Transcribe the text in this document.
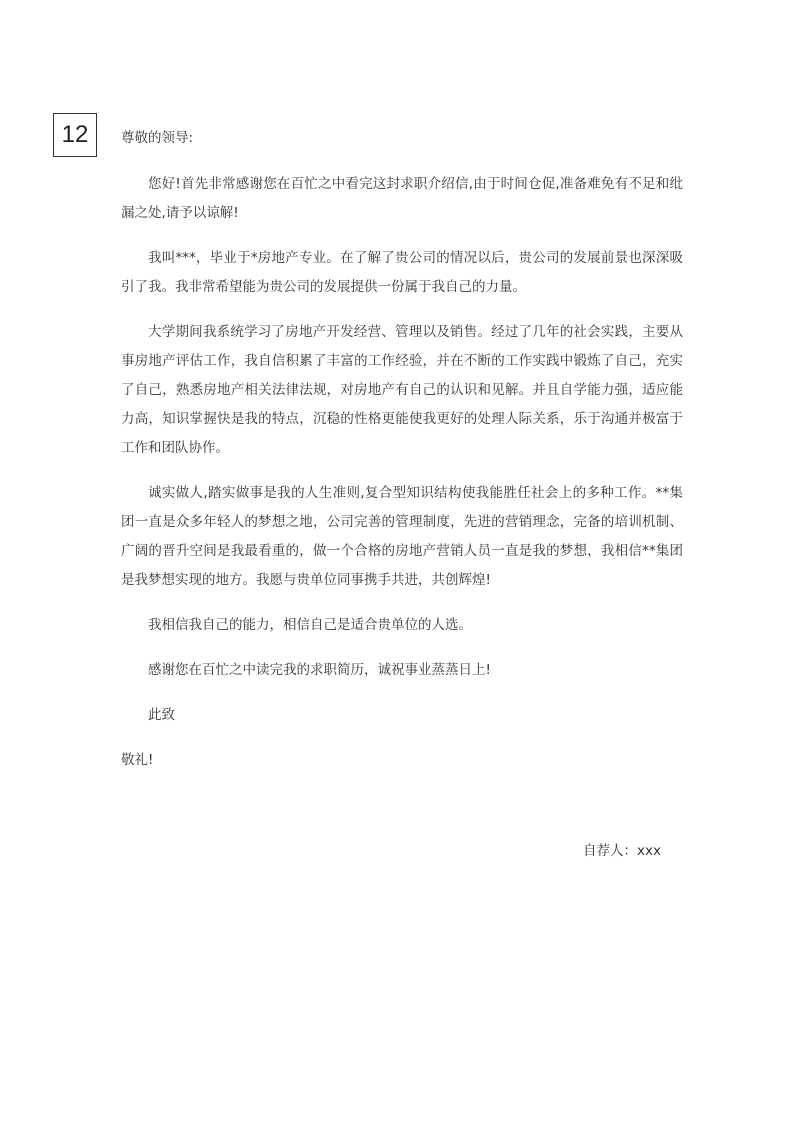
12	尊敬的领导:

您好!首先非常感谢您在百忙之中看完这封求职介绍信,由于时间仓促,准备难免有不足和纰漏之处,请予以谅解!

我叫***，毕业于*房地产专业。在了解了贵公司的情况以后，贵公司的发展前景也深深吸引了我。我非常希望能为贵公司的发展提供一份属于我自己的力量。

大学期间我系统学习了房地产开发经营、管理以及销售。经过了几年的社会实践，主要从事房地产评估工作，我自信积累了丰富的工作经验，并在不断的工作实践中锻炼了自己，充实了自己，熟悉房地产相关法律法规，对房地产有自己的认识和见解。并且自学能力强，适应能力高，知识掌握快是我的特点，沉稳的性格更能使我更好的处理人际关系，乐于沟通并极富于工作和团队协作。

诚实做人,踏实做事是我的人生准则,复合型知识结构使我能胜任社会上的多种工作。**集团一直是众多年轻人的梦想之地，公司完善的管理制度，先进的营销理念，完备的培训机制、广阔的晋升空间是我最看重的，做一个合格的房地产营销人员一直是我的梦想，我相信**集团是我梦想实现的地方。我愿与贵单位同事携手共进，共创辉煌!

我相信我自己的能力，相信自己是适合贵单位的人选。

感谢您在百忙之中读完我的求职简历，诚祝事业蒸蒸日上!

此致

敬礼!

自荐人：xxx
